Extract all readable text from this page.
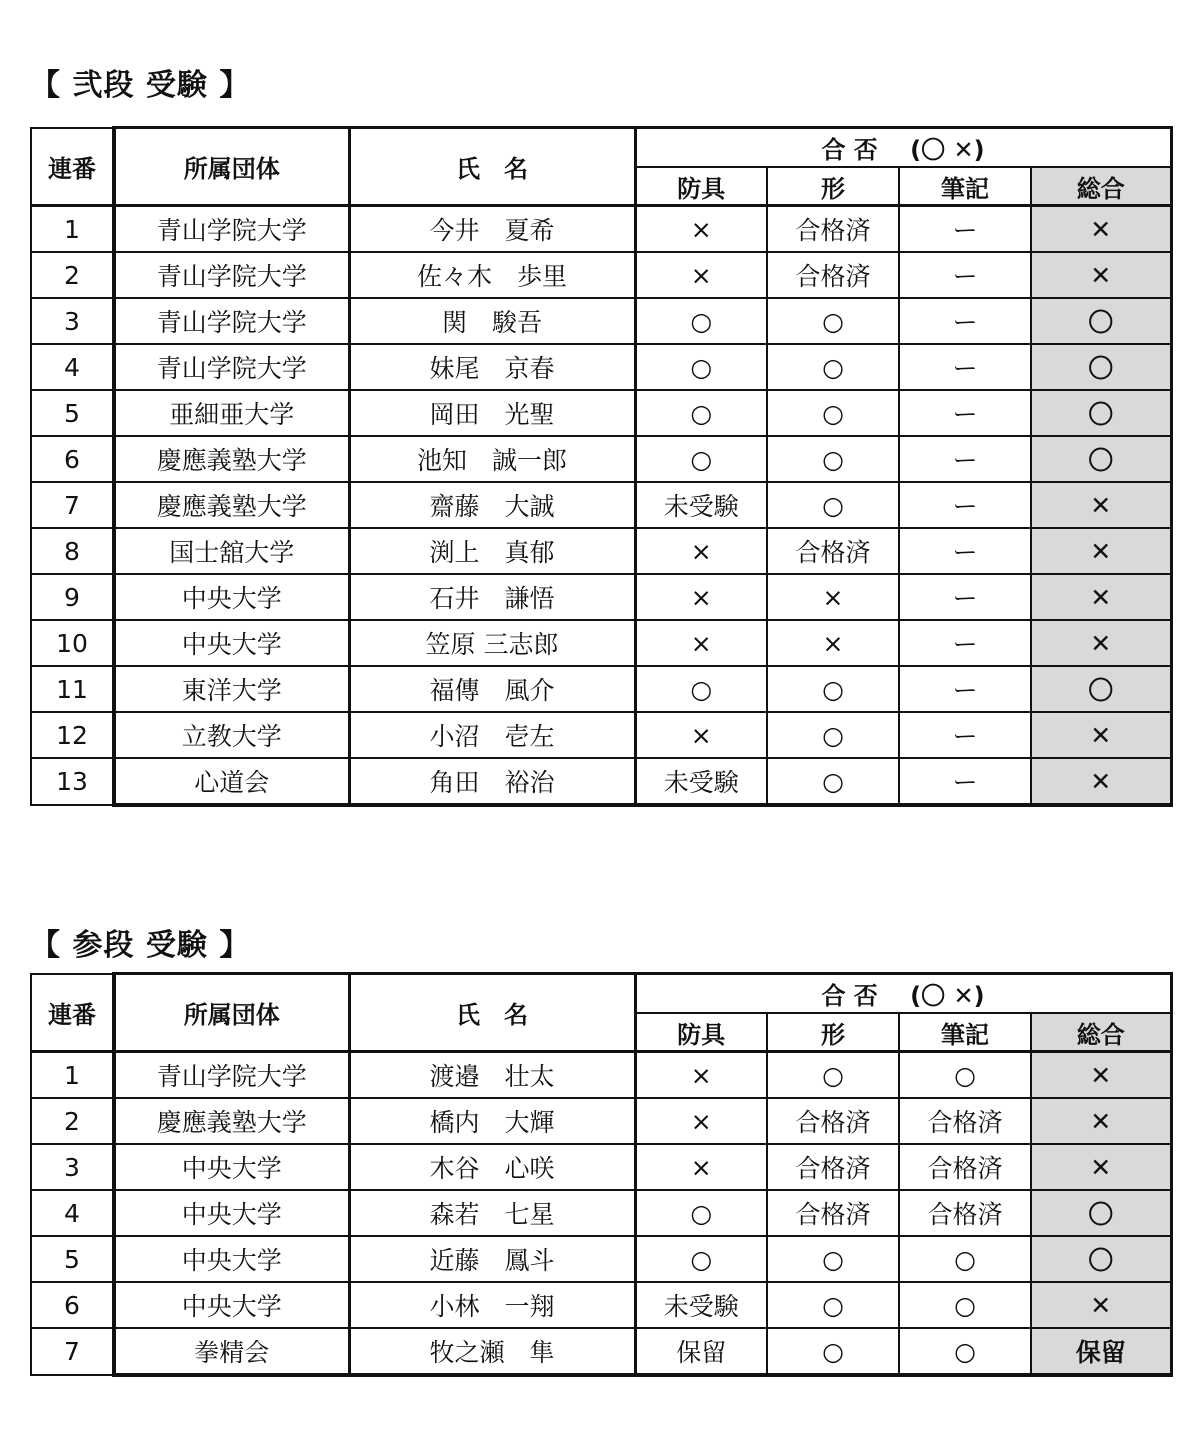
【 弐段 受験 】
連番	所属団体	氏　名	合 否　 (〇 ✕)			
			防具	形	筆記	総合
1	青山学院大学	今井　夏希	×	合格済	ー	✕
2	青山学院大学	佐々木　歩里	×	合格済	ー	✕
3	青山学院大学	関　駿吾	○	○	ー	〇
4	青山学院大学	妹尾　京春	○	○	ー	〇
5	亜細亜大学	岡田　光聖	○	○	ー	〇
6	慶應義塾大学	池知　誠一郎	○	○	ー	〇
7	慶應義塾大学	齋藤　大誠	未受験	○	ー	✕
8	国士舘大学	渕上　真郁	×	合格済	ー	✕
9	中央大学	石井　謙悟	×	×	ー	✕
10	中央大学	笠原 三志郎	×	×	ー	✕
11	東洋大学	福傳　風介	○	○	ー	〇
12	立教大学	小沼　壱左	×	○	ー	✕
13	心道会	角田　裕治	未受験	○	ー	✕
【 参段 受験 】
連番	所属団体	氏　名	合 否　 (〇 ✕)			
			防具	形	筆記	総合
1	青山学院大学	渡邉　壮太	×	○	○	✕
2	慶應義塾大学	橋内　大輝	×	合格済	合格済	✕
3	中央大学	木谷　心咲	×	合格済	合格済	✕
4	中央大学	森若　七星	○	合格済	合格済	〇
5	中央大学	近藤　鳳斗	○	○	○	〇
6	中央大学	小林　一翔	未受験	○	○	✕
7	拳精会	牧之瀬　隼	保留	○	○	保留
